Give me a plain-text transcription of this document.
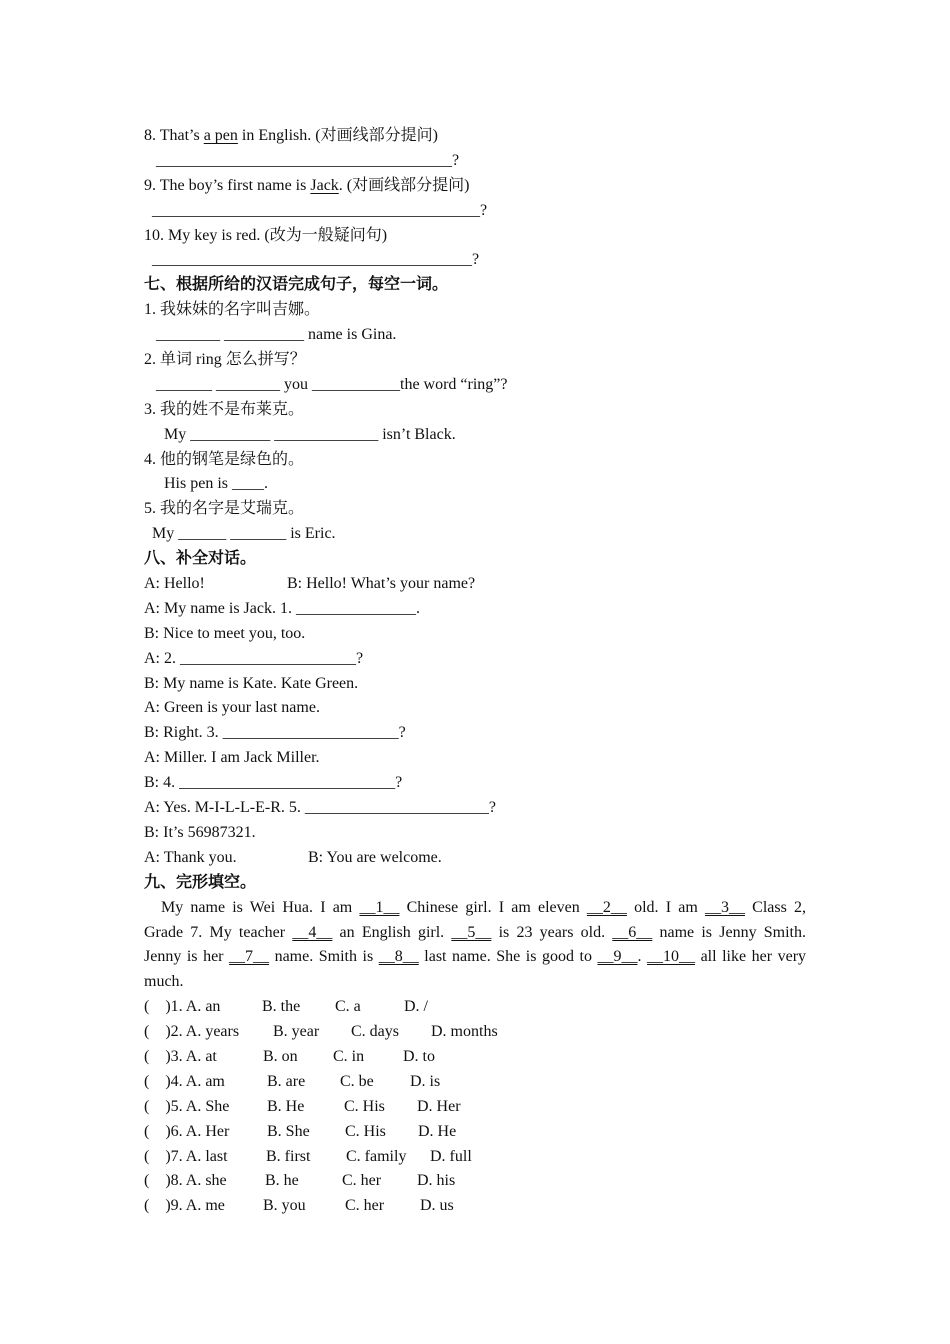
8. That’s a pen in English. (对画线部分提问)
_____________________________________?
9. The boy’s first name is Jack. (对画线部分提问)
_________________________________________?
10. My key is red. (改为一般疑问句)
________________________________________?
七、根据所给的汉语完成句子，每空一词。
1. 我妹妹的名字叫吉娜。
________ __________ name is Gina.
2. 单词 ring 怎么拼写？
_______ ________ you ___________the word “ring”?
3. 我的姓不是布莱克。
My __________ _____________ isn’t Black.
4. 他的钢笔是绿色的。
His pen is ____.
5. 我的名字是艾瑞克。
My ______ _______ is Eric.
八、补全对话。
A: Hello!	B: Hello! What’s your name?
A: My name is Jack. 1. _______________.
B: Nice to meet you, too.
A: 2. ______________________?
B: My name is Kate. Kate Green.
A: Green is your last name.
B: Right. 3. ______________________?
A: Miller. I am Jack Miller.
B: 4. ___________________________?
A: Yes. M-I-L-L-E-R. 5. _______________________?
B: It’s 56987321.
A: Thank you.	B: You are welcome.
九、完形填空。
My name is Wei Hua. I am __1__ Chinese girl. I am eleven __2__ old. I am __3__ Class 2,
Grade 7. My teacher __4__ an English girl. __5__ is 23 years old. __6__ name is Jenny Smith.
Jenny is her __7__ name. Smith is __8__ last name. She is good to __9__. __10__ all like her very
much.
(    )1. A. an	B. the	C. a	D. /
(    )2. A. years	B. year	C. days	D. months
(    )3. A. at	B. on	C. in	D. to
(    )4. A. am	B. are	C. be	D. is
(    )5. A. She	B. He	C. His	D. Her
(    )6. A. Her	B. She	C. His	D. He
(    )7. A. last	B. first	C. family	D. full
(    )8. A. she	B. he	C. her	D. his
(    )9. A. me	B. you	C. her	D. us
